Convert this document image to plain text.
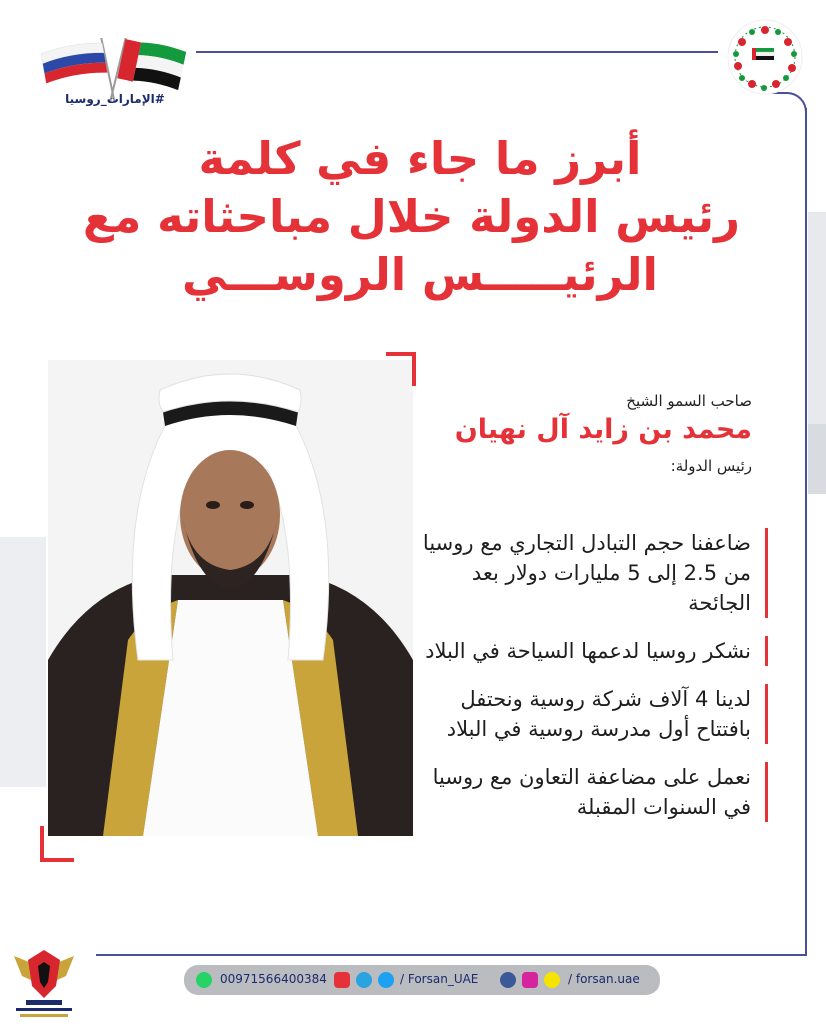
#الإمارات_روسيا
أبرز ما جاء في كلمة
رئيس الدولة خلال مباحثاته مع
الرئيـــــس الروســـي
صاحب السمو الشيخ
محمد بن زايد آل نهيان
رئيس الدولة:
ضاعفنا حجم التبادل التجاري مع روسيا من 2.5 إلى 5 مليارات دولار بعد الجائحة
نشكر روسيا لدعمها السياحة في البلاد
لدينا 4 آلاف شركة روسية ونحتفل بافتتاح أول مدرسة روسية في البلاد
نعمل على مضاعفة التعاون مع روسيا في السنوات المقبلة
00971566400384	/ Forsan_UAE	/ forsan.uae
